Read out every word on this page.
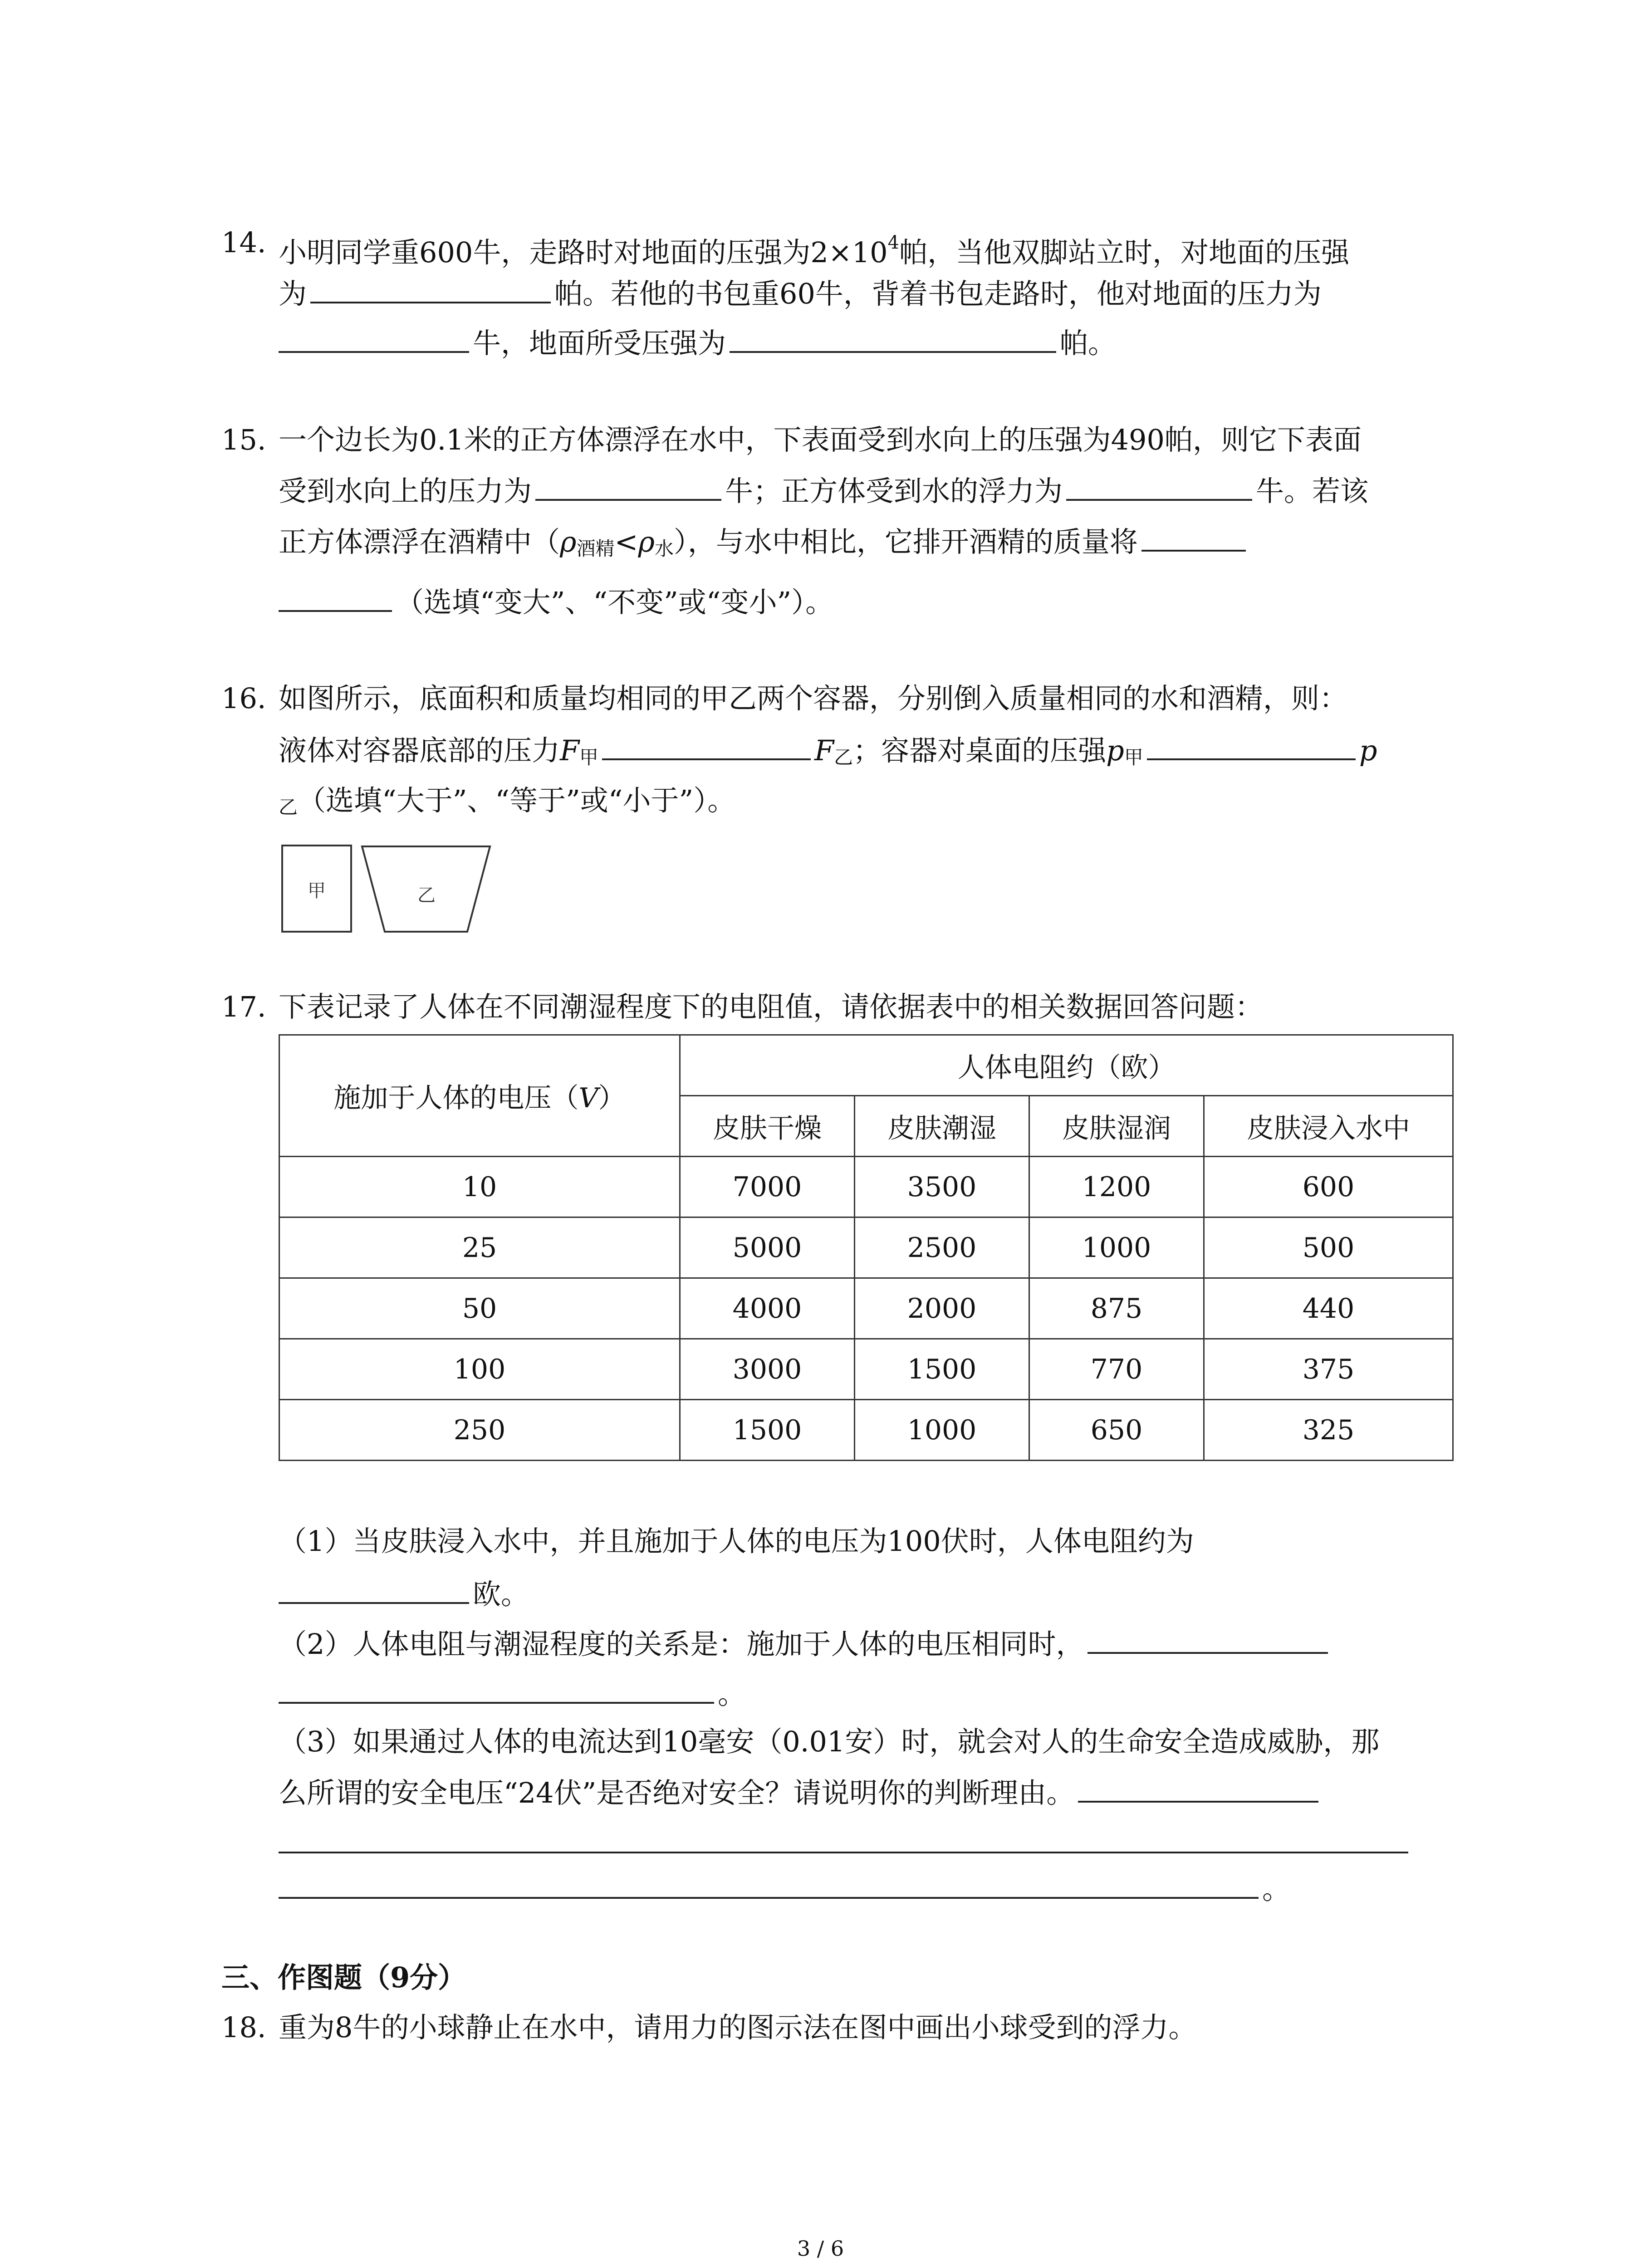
14. 小明同学重600牛，走路时对地面的压强为$2\times 10^4$帕，当他双脚站立时，对地面的压强
为	帕。若他的书包重60牛，背着书包走路时，他对地面的压力为
牛，地面所受压强为	帕。
15. 一个边长为0.1米的正方体漂浮在水中，下表面受到水向上的压强为490帕，则它下表面
受到水向上的压力为	牛；正方体受到水的浮力为	牛。若该
正方体漂浮在酒精中（ρ酒精<ρ水），与水中相比，它排开酒精的质量将
（选填“变大”、“不变”或“变小”）。
16. 如图所示，底面积和质量均相同的甲乙两个容器，分别倒入质量相同的水和酒精，则：
液体对容器底部的压力F甲	F乙；容器对桌面的压强p甲	p
乙（选填“大于”、“等于”或“小于”）。
甲	乙
17. 下表记录了人体在不同潮湿程度下的电阻值，请依据表中的相关数据回答问题：
施加于人体的电压（V）	人体电阻约（欧）			
	皮肤干燥	皮肤潮湿	皮肤湿润	皮肤浸入水中
10	7000	3500	1200	600
25	5000	2500	1000	500
50	4000	2000	875	440
100	3000	1500	770	375
250	1500	1000	650	325
（1）当皮肤浸入水中，并且施加于人体的电压为100伏时，人体电阻约为
欧。
（2）人体电阻与潮湿程度的关系是：施加于人体的电压相同时，
。
（3）如果通过人体的电流达到10毫安（0.01安）时，就会对人的生命安全造成威胁，那
么所谓的安全电压“24伏”是否绝对安全？请说明你的判断理由。
。
三、作图题（9分）
18. 重为8牛的小球静止在水中，请用力的图示法在图中画出小球受到的浮力。
3 / 6
